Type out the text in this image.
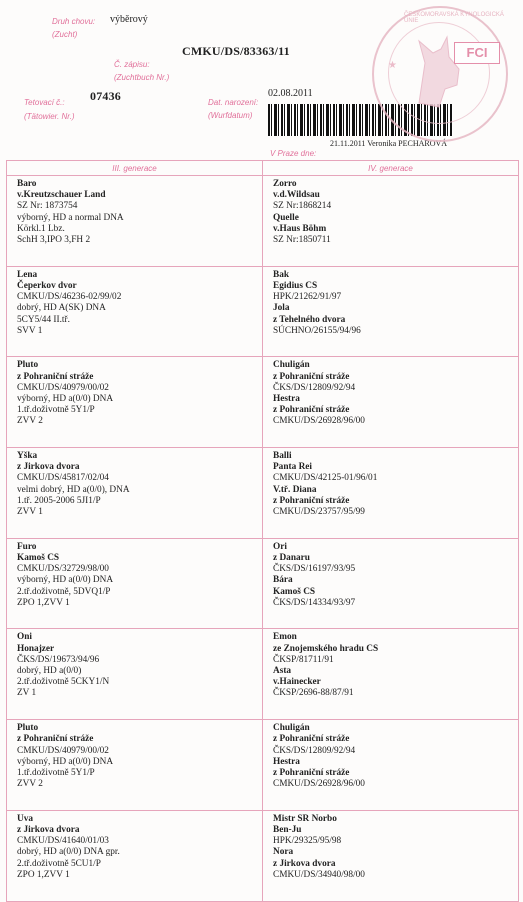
Druh chovu:
(Zucht)
výběrový
CMKU/DS/83363/11
Č. zápisu:
(Zuchtbuch Nr.)
Tetovací č.:
(Tätowier. Nr.)
07436	Dat. narození:
(Wurfdatum)
02.08.2011
21.11.2011 Veronika PECHAROVÁ
V Praze dne:
FCI
★
ČESKOMORAVSKÁ KYNOLOGICKÁ UNIE
III. generace	IV. generace
Baro
v.Kreutzschauer Land
SZ Nr: 1873754
výborný, HD a normal DNA
Körkl.1 Lbz.
SchH 3,IPO 3,FH 2
Zorro
v.d.Wildsau
SZ Nr:1868214
Quelle
v.Haus Böhm
SZ Nr:1850711
Lena
Čeperkov dvor
CMKU/DS/46236-02/99/02
dobrý, HD A(SK) DNA
5CY5/44 II.tř.
SVV 1
Bak
Egidius CS
HPK/21262/91/97
Jola
z Tehelného dvora
SÚCHNO/26155/94/96
Pluto
z Pohraniční stráže
CMKU/DS/40979/00/02
výborný, HD a(0/0) DNA
1.tř.doživotně 5Y1/P
ZVV 2
Chuligán
z Pohraniční stráže
ČKS/DS/12809/92/94
Hestra
z Pohraniční stráže
CMKU/DS/26928/96/00
Yška
z Jirkova dvora
CMKU/DS/45817/02/04
velmi dobrý, HD a(0/0), DNA
1.tř. 2005-2006 5JI1/P
ZVV 1
Balli
Panta Rei
CMKU/DS/42125-01/96/01
V.tř. Diana
z Pohraniční stráže
CMKU/DS/23757/95/99
Furo
Kamoš CS
CMKU/DS/32729/98/00
výborný, HD a(0/0) DNA
2.tř.doživotně, 5DVQ1/P
ZPO 1,ZVV 1
Ori
z Danaru
ČKS/DS/16197/93/95
Bára
Kamoš CS
ČKS/DS/14334/93/97
Oni
Honajzer
ČKS/DS/19673/94/96
dobrý, HD a(0/0)
2.tř.doživotně 5CKY1/N
ZV 1
Emon
ze Znojemského hradu CS
ČKSP/81711/91
Asta
v.Hainecker
ČKSP/2696-88/87/91
Pluto
z Pohraniční stráže
CMKU/DS/40979/00/02
výborný, HD a(0/0) DNA
1.tř.doživotně 5Y1/P
ZVV 2
Chuligán
z Pohraniční stráže
ČKS/DS/12809/92/94
Hestra
z Pohraniční stráže
CMKU/DS/26928/96/00
Uva
z Jirkova dvora
CMKU/DS/41640/01/03
dobrý, HD a(0/0) DNA gpr.
2.tř.doživotně 5CU1/P
ZPO 1,ZVV 1
Mistr SR Norbo
Ben-Ju
HPK/29325/95/98
Nora
z Jirkova dvora
CMKU/DS/34940/98/00
